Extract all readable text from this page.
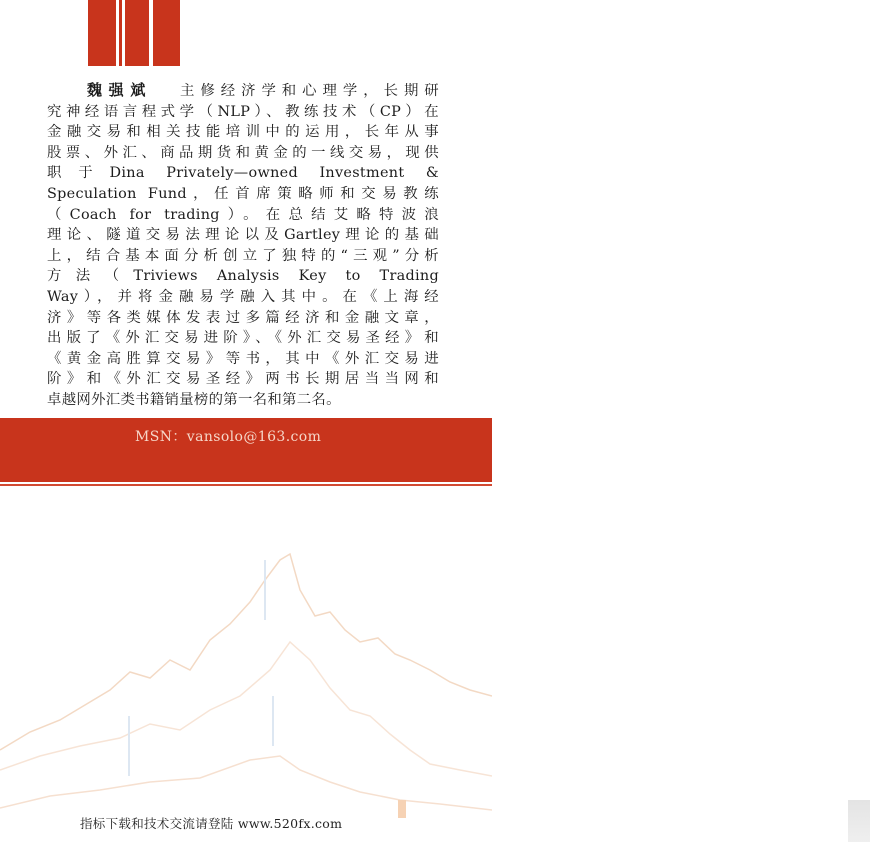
魏强斌 主修经济学和心理学，长期研
究神经语言程式学（NLP）、教练技术（CP）在
金融交易和相关技能培训中的运用，长年从事
股票、外汇、商品期货和黄金的一线交易，现供
职于Dina Privately—owned Investment &
Speculation Fund，任首席策略师和交易教练
（Coach for trading）。在总结艾略特波浪
理论、隧道交易法理论以及Gartley理论的基础
上，结合基本面分析创立了独特的“三观”分析
方法（Triviews Analysis Key to Trading
Way），并将金融易学融入其中。在《上海经
济》等各类媒体发表过多篇经济和金融文章，
出版了《外汇交易进阶》、《外汇交易圣经》和
《黄金高胜算交易》等书，其中《外汇交易进
阶》和《外汇交易圣经》两书长期居当当网和
卓越网外汇类书籍销量榜的第一名和第二名。
MSN：vansolo@163.com
指标下载和技术交流请登陆 www.520fx.com
